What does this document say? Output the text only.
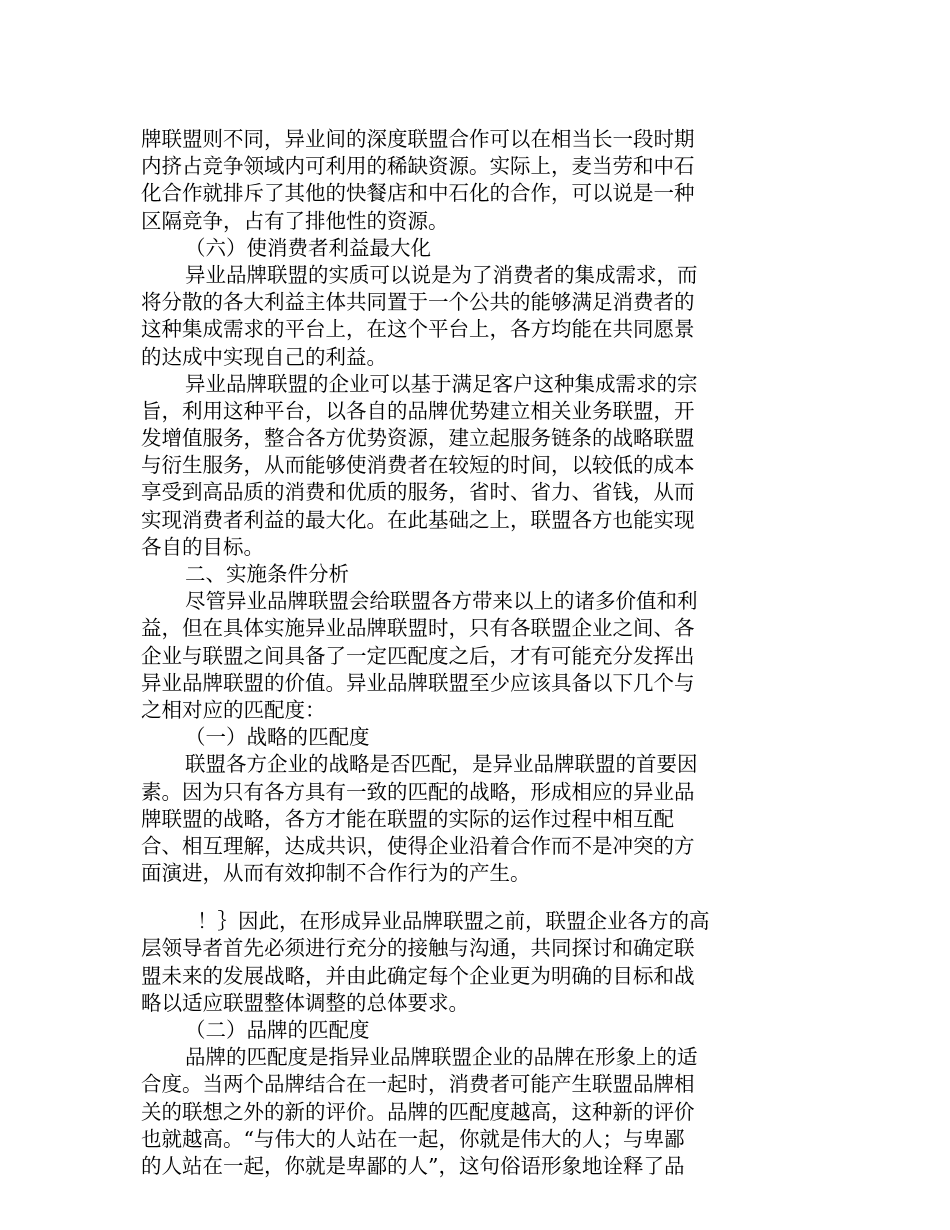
牌联盟则不同，异业间的深度联盟合作可以在相当长一段时期
内挤占竞争领域内可利用的稀缺资源。实际上，麦当劳和中石
化合作就排斥了其他的快餐店和中石化的合作，可以说是一种
区隔竞争，占有了排他性的资源。
（六）使消费者利益最大化
异业品牌联盟的实质可以说是为了消费者的集成需求，而
将分散的各大利益主体共同置于一个公共的能够满足消费者的
这种集成需求的平台上，在这个平台上，各方均能在共同愿景
的达成中实现自己的利益。
异业品牌联盟的企业可以基于满足客户这种集成需求的宗
旨，利用这种平台，以各自的品牌优势建立相关业务联盟，开
发增值服务，整合各方优势资源，建立起服务链条的战略联盟
与衍生服务，从而能够使消费者在较短的时间，以较低的成本
享受到高品质的消费和优质的服务，省时、省力、省钱，从而
实现消费者利益的最大化。在此基础之上，联盟各方也能实现
各自的目标。
二、实施条件分析
尽管异业品牌联盟会给联盟各方带来以上的诸多价值和利
益，但在具体实施异业品牌联盟时，只有各联盟企业之间、各
企业与联盟之间具备了一定匹配度之后，才有可能充分发挥出
异业品牌联盟的价值。异业品牌联盟至少应该具备以下几个与
之相对应的匹配度：
（一）战略的匹配度
联盟各方企业的战略是否匹配，是异业品牌联盟的首要因
素。因为只有各方具有一致的匹配的战略，形成相应的异业品
牌联盟的战略，各方才能在联盟的实际的运作过程中相互配
合、相互理解，达成共识，使得企业沿着合作而不是冲突的方
面演进，从而有效抑制不合作行为的产生。
！｝因此，在形成异业品牌联盟之前，联盟企业各方的高
层领导者首先必须进行充分的接触与沟通，共同探讨和确定联
盟未来的发展战略，并由此确定每个企业更为明确的目标和战
略以适应联盟整体调整的总体要求。
（二）品牌的匹配度
品牌的匹配度是指异业品牌联盟企业的品牌在形象上的适
合度。当两个品牌结合在一起时，消费者可能产生联盟品牌相
关的联想之外的新的评价。品牌的匹配度越高，这种新的评价
也就越高。“与伟大的人站在一起，你就是伟大的人；与卑鄙
的人站在一起，你就是卑鄙的人”，这句俗语形象地诠释了品
